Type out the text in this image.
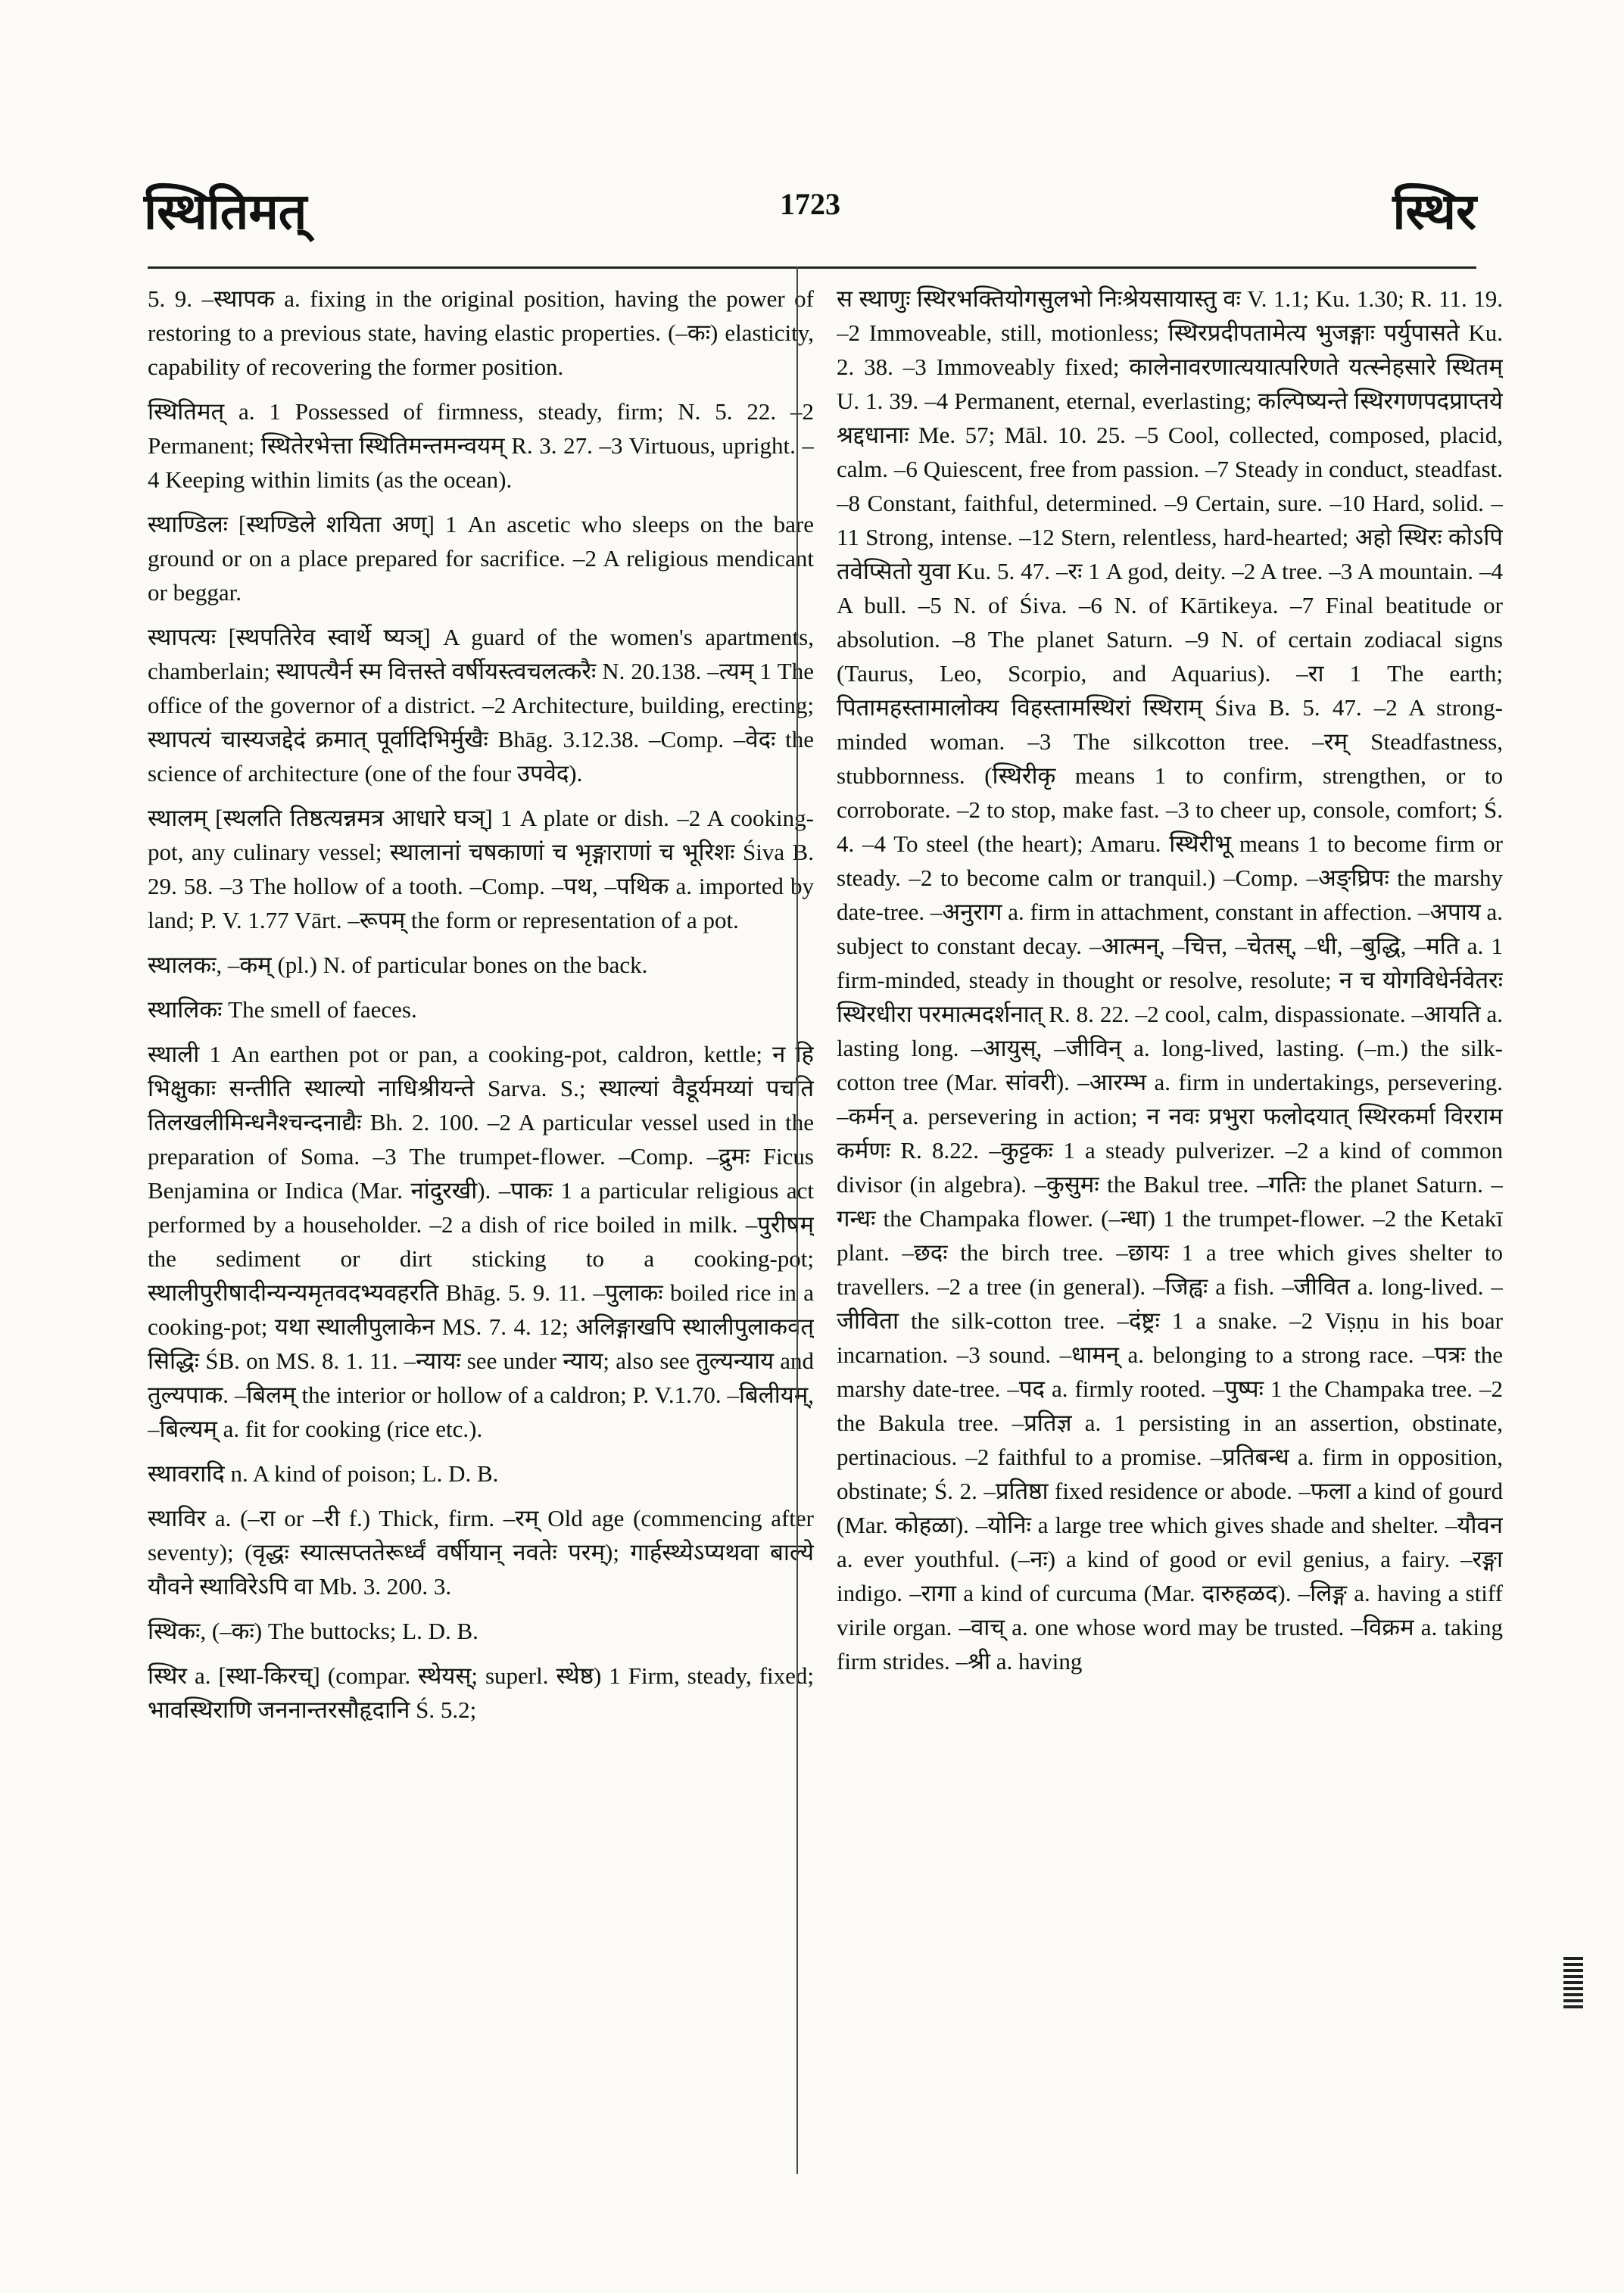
स्थितिमत्	1723	स्थिर

5. 9. –स्थापक a. fixing in the original position, having the power of restoring to a previous state, having elastic properties. (–कः) elasticity, capability of recovering the former position.

स्थितिमत् a. 1 Possessed of firmness, steady, firm; N. 5. 22. –2 Permanent; स्थितेरभेत्ता स्थितिमन्तमन्वयम् R. 3. 27. –3 Virtuous, upright. –4 Keeping within limits (as the ocean).

स्थाण्डिलः [स्थण्डिले शयिता अण्] 1 An ascetic who sleeps on the bare ground or on a place prepared for sacrifice. –2 A religious mendicant or beggar.

स्थापत्यः [स्थपतिरेव स्वार्थे ष्यञ्] A guard of the women's apartments, chamberlain; स्थापत्यैर्न स्म वित्तस्ते वर्षीयस्त्वचलत्करैः N. 20.138. –त्यम् 1 The office of the governor of a district. –2 Architecture, building, erecting; स्थापत्यं चास्यजद्देदं क्रमात् पूर्वादिभिर्मुखैः Bhāg. 3.12.38. –Comp. –वेदः the science of architecture (one of the four उपवेद).

स्थालम् [स्थलति तिष्ठत्यन्नमत्र आधारे घञ्] 1 A plate or dish. –2 A cooking-pot, any culinary vessel; स्थालानां चषकाणां च भृङ्गाराणां च भूरिशः Śiva B. 29. 58. –3 The hollow of a tooth. –Comp. –पथ, –पथिक a. imported by land; P. V. 1.77 Vārt. –रूपम् the form or representation of a pot.

स्थालकः, –कम् (pl.) N. of particular bones on the back.

स्थालिकः The smell of faeces.

स्थाली 1 An earthen pot or pan, a cooking-pot, caldron, kettle; न हि भिक्षुकाः सन्तीति स्थाल्यो नाधिश्रीयन्ते Sarva. S.; स्थाल्यां वैडूर्यमय्यां पचति तिलखलीमिन्धनैश्चन्दनाद्यैः Bh. 2. 100. –2 A particular vessel used in the preparation of Soma. –3 The trumpet-flower. –Comp. –द्रुमः Ficus Benjamina or Indica (Mar. नांदुरखी). –पाकः 1 a particular religious act performed by a householder. –2 a dish of rice boiled in milk. –पुरीषम् the sediment or dirt sticking to a cooking-pot; स्थालीपुरीषादीन्यन्यमृतवदभ्यवहरति Bhāg. 5. 9. 11. –पुलाकः boiled rice in a cooking-pot; यथा स्थालीपुलाकेन MS. 7. 4. 12; अलिङ्गाखपि स्थालीपुलाकवत् सिद्धिः ŚB. on MS. 8. 1. 11. –न्यायः see under न्याय; also see तुल्यन्याय and तुल्यपाक. –बिलम् the interior or hollow of a caldron; P. V.1.70. –बिलीयम्, –बिल्यम् a. fit for cooking (rice etc.).

स्थावरादि n. A kind of poison; L. D. B.

स्थाविर a. (–रा or –री f.) Thick, firm. –रम् Old age (commencing after seventy); (वृद्धः स्यात्सप्ततेरूर्ध्वं वर्षीयान् नवतेः परम्); गार्हस्थ्येऽप्यथवा बाल्ये यौवने स्थाविरेऽपि वा Mb. 3. 200. 3.

स्थिकः, (–कः) The buttocks; L. D. B.

स्थिर a. [स्था-किरच्] (compar. स्थेयस्; superl. स्थेष्ठ) 1 Firm, steady, fixed; भावस्थिराणि जननान्तरसौहृदानि Ś. 5.2;

स स्थाणुः स्थिरभक्तियोगसुलभो निःश्रेयसायास्तु वः V. 1.1; Ku. 1.30; R. 11. 19. –2 Immoveable, still, motionless; स्थिरप्रदीपतामेत्य भुजङ्गाः पर्युपासते Ku. 2. 38. –3 Immoveably fixed; कालेनावरणात्ययात्परिणते यत्स्नेहसारे स्थितम् U. 1. 39. –4 Permanent, eternal, everlasting; कल्पिष्यन्ते स्थिरगणपदप्राप्तये श्रद्दधानाः Me. 57; Māl. 10. 25. –5 Cool, collected, composed, placid, calm. –6 Quiescent, free from passion. –7 Steady in conduct, steadfast. –8 Constant, faithful, determined. –9 Certain, sure. –10 Hard, solid. –11 Strong, intense. –12 Stern, relentless, hard-hearted; अहो स्थिरः कोऽपि तवेप्सितो युवा Ku. 5. 47. –रः 1 A god, deity. –2 A tree. –3 A mountain. –4 A bull. –5 N. of Śiva. –6 N. of Kārtikeya. –7 Final beatitude or absolution. –8 The planet Saturn. –9 N. of certain zodiacal signs (Taurus, Leo, Scorpio, and Aquarius). –रा 1 The earth; पितामहस्तामालोक्य विहस्तामस्थिरां स्थिराम् Śiva B. 5. 47. –2 A strong-minded woman. –3 The silkcotton tree. –रम् Steadfastness, stubbornness. (स्थिरीकृ means 1 to confirm, strengthen, or to corroborate. –2 to stop, make fast. –3 to cheer up, console, comfort; Ś. 4. –4 To steel (the heart); Amaru. स्थिरीभू means 1 to become firm or steady. –2 to become calm or tranquil.) –Comp. –अङ्घ्रिपः the marshy date-tree. –अनुराग a. firm in attachment, constant in affection. –अपाय a. subject to constant decay. –आत्मन्, –चित्त, –चेतस्, –धी, –बुद्धि, –मति a. 1 firm-minded, steady in thought or resolve, resolute; न च योगविधेर्नवेतरः स्थिरधीरा परमात्मदर्शनात् R. 8. 22. –2 cool, calm, dispassionate. –आयति a. lasting long. –आयुस्, –जीविन् a. long-lived, lasting. (–m.) the silk-cotton tree (Mar. सांवरी). –आरम्भ a. firm in undertakings, persevering. –कर्मन् a. persevering in action; न नवः प्रभुरा फलोदयात् स्थिरकर्मा विरराम कर्मणः R. 8.22. –कुट्टकः 1 a steady pulverizer. –2 a kind of common divisor (in algebra). –कुसुमः the Bakul tree. –गतिः the planet Saturn. –गन्धः the Champaka flower. (–न्धा) 1 the trumpet-flower. –2 the Ketakī plant. –छदः the birch tree. –छायः 1 a tree which gives shelter to travellers. –2 a tree (in general). –जिह्वः a fish. –जीवित a. long-lived. –जीविता the silk-cotton tree. –दंष्ट्रः 1 a snake. –2 Viṣṇu in his boar incarnation. –3 sound. –धामन् a. belonging to a strong race. –पत्रः the marshy date-tree. –पद a. firmly rooted. –पुष्पः 1 the Champaka tree. –2 the Bakula tree. –प्रतिज्ञ a. 1 persisting in an assertion, obstinate, pertinacious. –2 faithful to a promise. –प्रतिबन्ध a. firm in opposition, obstinate; Ś. 2. –प्रतिष्ठा fixed residence or abode. –फला a kind of gourd (Mar. कोहळा). –योनिः a large tree which gives shade and shelter. –यौवन a. ever youthful. (–नः) a kind of good or evil genius, a fairy. –रङ्गा indigo. –रागा a kind of curcuma (Mar. दारुहळद). –लिङ्ग a. having a stiff virile organ. –वाच् a. one whose word may be trusted. –विक्रम a. taking firm strides. –श्री a. having
